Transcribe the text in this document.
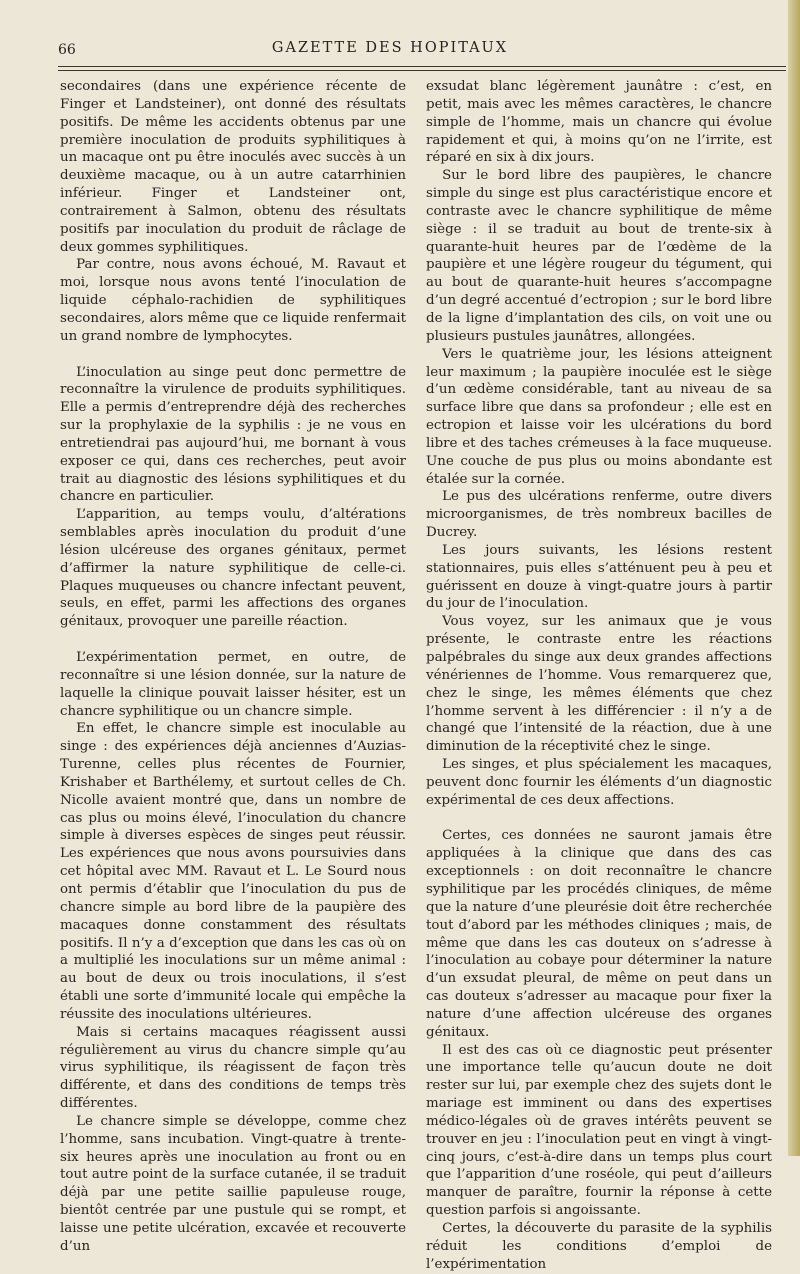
66	GAZETTE DES HOPITAUX

secondaires (dans une expérience récente de Finger et Landsteiner), ont donné des résultats positifs. De même les accidents obtenus par une première inoculation de produits syphilitiques à un macaque ont pu être inoculés avec succès à un deuxième macaque, ou à un autre catarrhinien inférieur. Finger et Landsteiner ont, contrairement à Salmon, obtenu des résultats positifs par inoculation du produit de râclage de deux gommes syphilitiques.

Par contre, nous avons échoué, M. Ravaut et moi, lorsque nous avons tenté l’inoculation de liquide céphalo-rachidien de syphilitiques secondaires, alors même que ce liquide renfermait un grand nombre de lymphocytes.

L’inoculation au singe peut donc permettre de reconnaître la virulence de produits syphilitiques. Elle a permis d’entreprendre déjà des recherches sur la prophylaxie de la syphilis : je ne vous en entretiendrai pas aujourd’hui, me bornant à vous exposer ce qui, dans ces recherches, peut avoir trait au diagnostic des lésions syphilitiques et du chancre en particulier.

L’apparition, au temps voulu, d’altérations semblables après inoculation du produit d’une lésion ulcéreuse des organes génitaux, permet d’affirmer la nature syphilitique de celle-ci. Plaques muqueuses ou chancre infectant peuvent, seuls, en effet, parmi les affections des organes génitaux, provoquer une pareille réaction.

L’expérimentation permet, en outre, de reconnaître si une lésion donnée, sur la nature de laquelle la clinique pouvait laisser hésiter, est un chancre syphilitique ou un chancre simple.

En effet, le chancre simple est inoculable au singe : des expériences déjà anciennes d’Auzias-Turenne, celles plus récentes de Fournier, Krishaber et Barthélemy, et surtout celles de Ch. Nicolle avaient montré que, dans un nombre de cas plus ou moins élevé, l’inoculation du chancre simple à diverses espèces de singes peut réussir. Les expériences que nous avons poursuivies dans cet hôpital avec MM. Ravaut et L. Le Sourd nous ont permis d’établir que l’inoculation du pus de chancre simple au bord libre de la paupière des macaques donne constamment des résultats positifs. Il n’y a d’exception que dans les cas où on a multiplié les inoculations sur un même animal : au bout de deux ou trois inoculations, il s’est établi une sorte d’immunité locale qui empêche la réussite des inoculations ultérieures.

Mais si certains macaques réagissent aussi régulièrement au virus du chancre simple qu’au virus syphilitique, ils réagissent de façon très différente, et dans des conditions de temps très différentes.

Le chancre simple se développe, comme chez l’homme, sans incubation. Vingt-quatre à trente-six heures après une inoculation au front ou en tout autre point de la surface cutanée, il se traduit déjà par une petite saillie papuleuse rouge, bientôt centrée par une pustule qui se rompt, et laisse une petite ulcération, excavée et recouverte d’un

exsudat blanc légèrement jaunâtre : c’est, en petit, mais avec les mêmes caractères, le chancre simple de l’homme, mais un chancre qui évolue rapidement et qui, à moins qu’on ne l’irrite, est réparé en six à dix jours.

Sur le bord libre des paupières, le chancre simple du singe est plus caractéristique encore et contraste avec le chancre syphilitique de même siège : il se traduit au bout de trente-six à quarante-huit heures par de l’œdème de la paupière et une légère rougeur du tégument, qui au bout de quarante-huit heures s’accompagne d’un degré accentué d’ectropion ; sur le bord libre de la ligne d’implantation des cils, on voit une ou plusieurs pustules jaunâtres, allongées.

Vers le quatrième jour, les lésions atteignent leur maximum ; la paupière inoculée est le siège d’un œdème considérable, tant au niveau de sa surface libre que dans sa profondeur ; elle est en ectropion et laisse voir les ulcérations du bord libre et des taches crémeuses à la face muqueuse. Une couche de pus plus ou moins abondante est étalée sur la cornée.

Le pus des ulcérations renferme, outre divers microorganismes, de très nombreux bacilles de Ducrey.

Les jours suivants, les lésions restent stationnaires, puis elles s’atténuent peu à peu et guérissent en douze à vingt-quatre jours à partir du jour de l’inoculation.

Vous voyez, sur les animaux que je vous présente, le contraste entre les réactions palpébrales du singe aux deux grandes affections vénériennes de l’homme. Vous remarquerez que, chez le singe, les mêmes éléments que chez l’homme servent à les différencier : il n’y a de changé que l’intensité de la réaction, due à une diminution de la réceptivité chez le singe.

Les singes, et plus spécialement les macaques, peuvent donc fournir les éléments d’un diagnostic expérimental de ces deux affections.

Certes, ces données ne sauront jamais être appliquées à la clinique que dans des cas exceptionnels : on doit reconnaître le chancre syphilitique par les procédés cliniques, de même que la nature d’une pleurésie doit être recherchée tout d’abord par les méthodes cliniques ; mais, de même que dans les cas douteux on s’adresse à l’inoculation au cobaye pour déterminer la nature d’un exsudat pleural, de même on peut dans un cas douteux s’adresser au macaque pour fixer la nature d’une affection ulcéreuse des organes génitaux.

Il est des cas où ce diagnostic peut présenter une importance telle qu’aucun doute ne doit rester sur lui, par exemple chez des sujets dont le mariage est imminent ou dans des expertises médico-légales où de graves intérêts peuvent se trouver en jeu : l’inoculation peut en vingt à vingt-cinq jours, c’est-à-dire dans un temps plus court que l’apparition d’une roséole, qui peut d’ailleurs manquer de paraître, fournir la réponse à cette question parfois si angoissante.

Certes, la découverte du parasite de la syphilis réduit les conditions d’emploi de l’expérimentation
